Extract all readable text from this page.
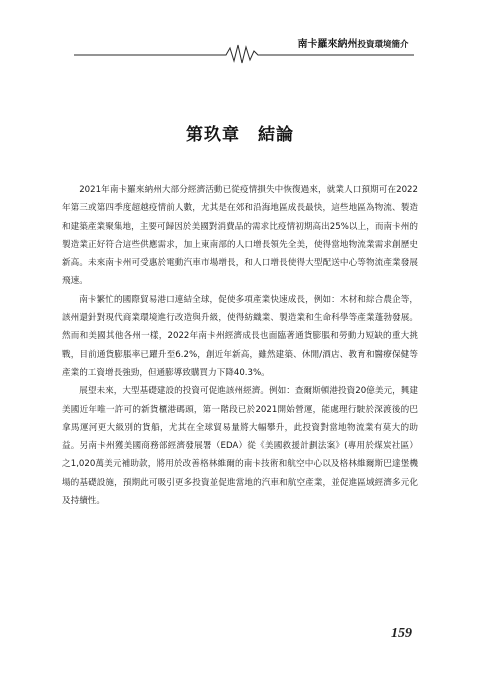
南卡羅來納州投資環境簡介
第玖章　結論

2021年南卡羅來納州大部分經濟活動已從疫情損失中恢復過來，就業人口預期可在2022年第三或第四季度超越疫情前人數，尤其是在郊和沿海地區成長最快，這些地區為物流、製造和建築產業聚集地，主要可歸因於美國對消費品的需求比疫情初期高出25%以上，而南卡州的製造業正好符合這些供應需求，加上東南部的人口增長領先全美，使得當地物流業需求創歷史新高。未來南卡州可受惠於電動汽車市場增長，和人口增長使得大型配送中心等物流產業發展飛速。

南卡繁忙的國際貿易港口連結全球，促使多項產業快速成長，例如：木材和綜合農企等，該州還針對現代商業環境進行改造與升級，使得紡織業、製造業和生命科學等產業蓬勃發展。然而和美國其他各州一樣，2022年南卡州經濟成長也面臨著通貨膨脹和勞動力短缺的重大挑戰，目前通貨膨脹率已躍升至6.2%，創近年新高，雖然建築、休閒/酒店、教育和醫療保健等產業的工資增長強勁，但通膨導致購買力下降40.3%。

展望未來，大型基礎建設的投資可促進該州經濟。例如：查爾斯頓港投資20億美元，興建美國近年唯一許可的新貨櫃港碼頭，第一階段已於2021開始營運，能處理行駛於深渡後的巴拿馬運河更大級別的貨船，尤其在全球貿易量將大幅攀升，此投資對當地物流業有莫大的助益。另南卡州獲美國商務部經濟發展署（EDA）從《美國救援計劃法案》(專用於煤炭社區）之1,020萬美元補助款，將用於改善格林維爾的南卡技術和航空中心以及格林維爾斯巴達堡機場的基礎設施，預期此可吸引更多投資並促進當地的汽車和航空產業，並促進區域經濟多元化及持續性。

159
